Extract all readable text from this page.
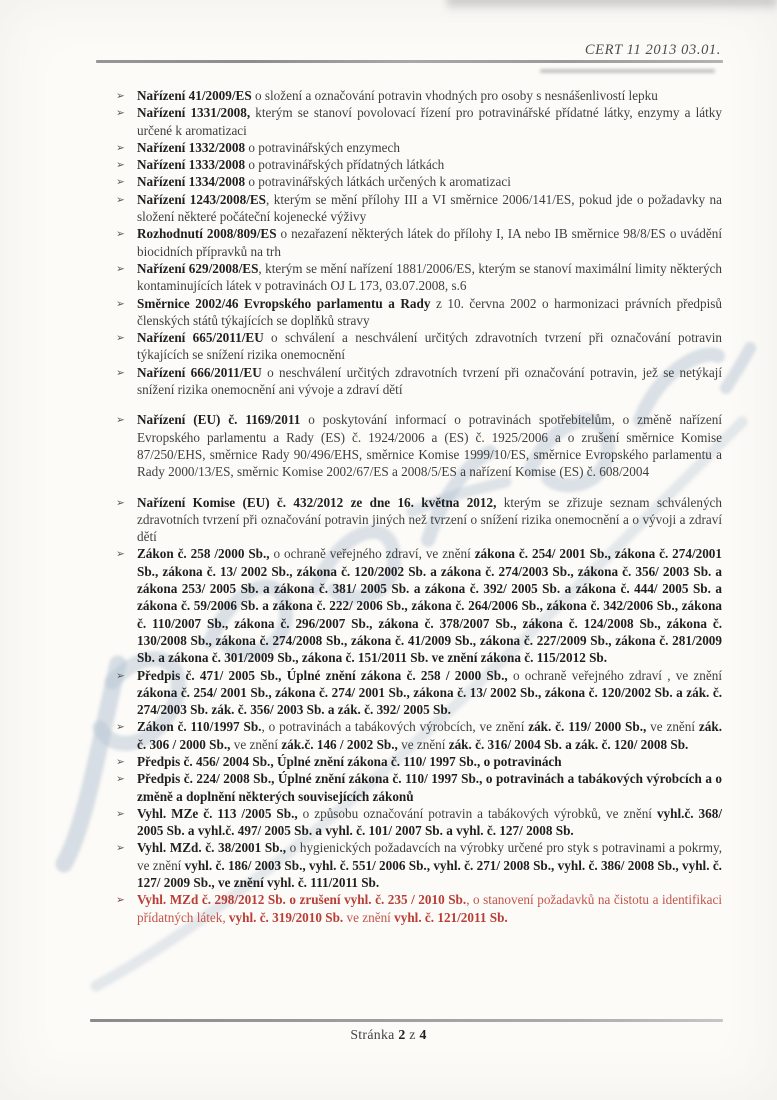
CERT 11 2013 03.01.
➢ Nařízení 41/2009/ES o složení a označování potravin vhodných pro osoby s nesnášenlivostí lepku
➢ Nařízení 1331/2008, kterým se stanoví povolovací řízení pro potravinářské přídatné látky, enzymy a látky určené k aromatizaci
➢ Nařízení 1332/2008 o potravinářských enzymech
➢ Nařízení 1333/2008 o potravinářských přídatných látkách
➢ Nařízení 1334/2008 o potravinářských látkách určených k aromatizaci
➢ Nařízení 1243/2008/ES, kterým se mění přílohy III a VI směrnice 2006/141/ES, pokud jde o požadavky na složení některé počáteční kojenecké výživy
➢ Rozhodnutí 2008/809/ES o nezařazení některých látek do přílohy I, IA nebo IB směrnice 98/8/ES o uvádění biocidních přípravků na trh
➢ Nařízení 629/2008/ES, kterým se mění nařízení 1881/2006/ES, kterým se stanoví maximální limity některých kontaminujících látek v potravinách OJ L 173, 03.07.2008, s.6
➢ Směrnice 2002/46 Evropského parlamentu a Rady z 10. června 2002 o harmonizaci právních předpisů členských států týkajících se doplňků stravy
➢ Nařízení 665/2011/EU o schválení a neschválení určitých zdravotních tvrzení při označování potravin týkajících se snížení rizika onemocnění
➢ Nařízení 666/2011/EU o neschválení určitých zdravotních tvrzení při označování potravin, jež se netýkají snížení rizika onemocnění ani vývoje a zdraví dětí
➢ Nařízení (EU) č. 1169/2011 o poskytování informací o potravinách spotřebitelům, o změně nařízení Evropského parlamentu a Rady (ES) č. 1924/2006 a (ES) č. 1925/2006 a o zrušení směrnice Komise 87/250/EHS, směrnice Rady 90/496/EHS, směrnice Komise 1999/10/ES, směrnice Evropského parlamentu a Rady 2000/13/ES, směrnic Komise 2002/67/ES a 2008/5/ES a nařízení Komise (ES) č. 608/2004
➢ Nařízení Komise (EU) č. 432/2012 ze dne 16. května 2012, kterým se zřizuje seznam schválených zdravotních tvrzení při označování potravin jiných než tvrzení o snížení rizika onemocnění a o vývoji a zdraví dětí
➢ Zákon č. 258 /2000 Sb., o ochraně veřejného zdraví, ve znění zákona č. 254/ 2001 Sb., zákona č. 274/2001 Sb., zákona č. 13/ 2002 Sb., zákona č. 120/2002 Sb. a zákona č. 274/2003 Sb., zákona č. 356/ 2003 Sb. a zákona 253/ 2005 Sb. a zákona č. 381/ 2005 Sb. a zákona č. 392/ 2005 Sb. a zákona č. 444/ 2005 Sb. a zákona č. 59/2006 Sb. a zákona č. 222/ 2006 Sb., zákona č. 264/2006 Sb., zákona č. 342/2006 Sb., zákona č. 110/2007 Sb., zákona č. 296/2007 Sb., zákona č. 378/2007 Sb., zákona č. 124/2008 Sb., zákona č. 130/2008 Sb., zákona č. 274/2008 Sb., zákona č. 41/2009 Sb., zákona č. 227/2009 Sb., zákona č. 281/2009 Sb. a zákona č. 301/2009 Sb., zákona č. 151/2011 Sb. ve znění zákona č. 115/2012 Sb.
➢ Předpis č. 471/ 2005 Sb., Úplné znění zákona č. 258 / 2000 Sb., o ochraně veřejného zdraví , ve znění zákona č. 254/ 2001 Sb., zákona č. 274/ 2001 Sb., zákona č. 13/ 2002 Sb., zákona č. 120/2002 Sb. a zák. č. 274/2003 Sb. zák. č. 356/ 2003 Sb. a zák. č. 392/ 2005 Sb.
➢ Zákon č. 110/1997 Sb., o potravinách a tabákových výrobcích, ve znění zák. č. 119/ 2000 Sb., ve znění zák. č. 306 / 2000 Sb., ve znění zák.č. 146 / 2002 Sb., ve znění zák. č. 316/ 2004 Sb. a zák. č. 120/ 2008 Sb.
➢ Předpis č. 456/ 2004 Sb., Úplné znění zákona č. 110/ 1997 Sb., o potravinách
➢ Předpis č. 224/ 2008 Sb., Úplné znění zákona č. 110/ 1997 Sb., o potravinách a tabákových výrobcích a o změně a doplnění některých souvisejících zákonů
➢ Vyhl. MZe č. 113 /2005 Sb., o způsobu označování potravin a tabákových výrobků, ve znění vyhl.č. 368/ 2005 Sb. a vyhl.č. 497/ 2005 Sb. a vyhl. č. 101/ 2007 Sb. a vyhl. č. 127/ 2008 Sb.
➢ Vyhl. MZd. č. 38/2001 Sb., o hygienických požadavcích na výrobky určené pro styk s potravinami a pokrmy, ve znění vyhl. č. 186/ 2003 Sb., vyhl. č. 551/ 2006 Sb., vyhl. č. 271/ 2008 Sb., vyhl. č. 386/ 2008 Sb., vyhl. č. 127/ 2009 Sb., ve znění vyhl. č. 111/2011 Sb.
➢ Vyhl. MZd č. 298/2012 Sb. o zrušení vyhl. č. 235 / 2010 Sb., o stanovení požadavků na čistotu a identifikaci přídatných látek, vyhl. č. 319/2010 Sb. ve znění vyhl. č. 121/2011 Sb.
Stránka 2 z 4
